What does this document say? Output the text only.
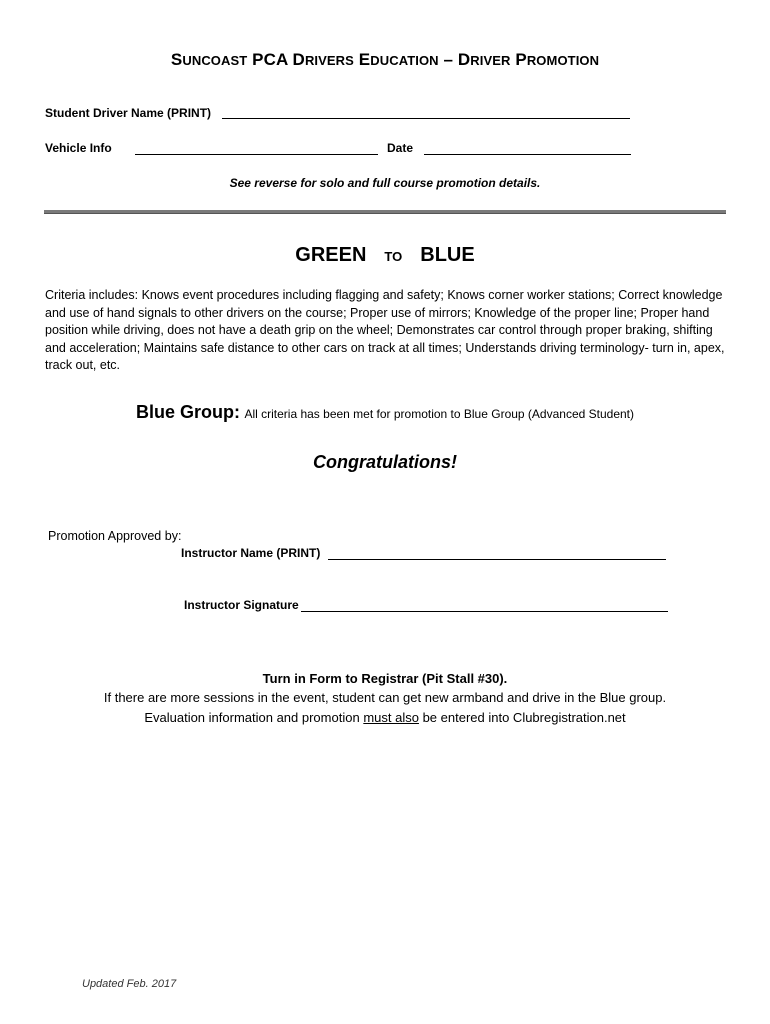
SUNCOAST PCA DRIVERS EDUCATION – DRIVER PROMOTION
Student Driver Name (PRINT)
Vehicle Info	Date
See reverse for solo and full course promotion details.
GREEN TO BLUE
Criteria includes: Knows event procedures including flagging and safety; Knows corner worker stations; Correct knowledge and use of hand signals to other drivers on the course; Proper use of mirrors; Knowledge of the proper line; Proper hand position while driving, does not have a death grip on the wheel; Demonstrates car control through proper braking, shifting and acceleration; Maintains safe distance to other cars on track at all times; Understands driving terminology- turn in, apex, track out, etc.
Blue Group: All criteria has been met for promotion to Blue Group (Advanced Student)
Congratulations!
Promotion Approved by:
Instructor Name (PRINT)
Instructor Signature
Turn in Form to Registrar (Pit Stall #30).
If there are more sessions in the event, student can get new armband and drive in the Blue group.
Evaluation information and promotion must also be entered into Clubregistration.net
Updated Feb. 2017
